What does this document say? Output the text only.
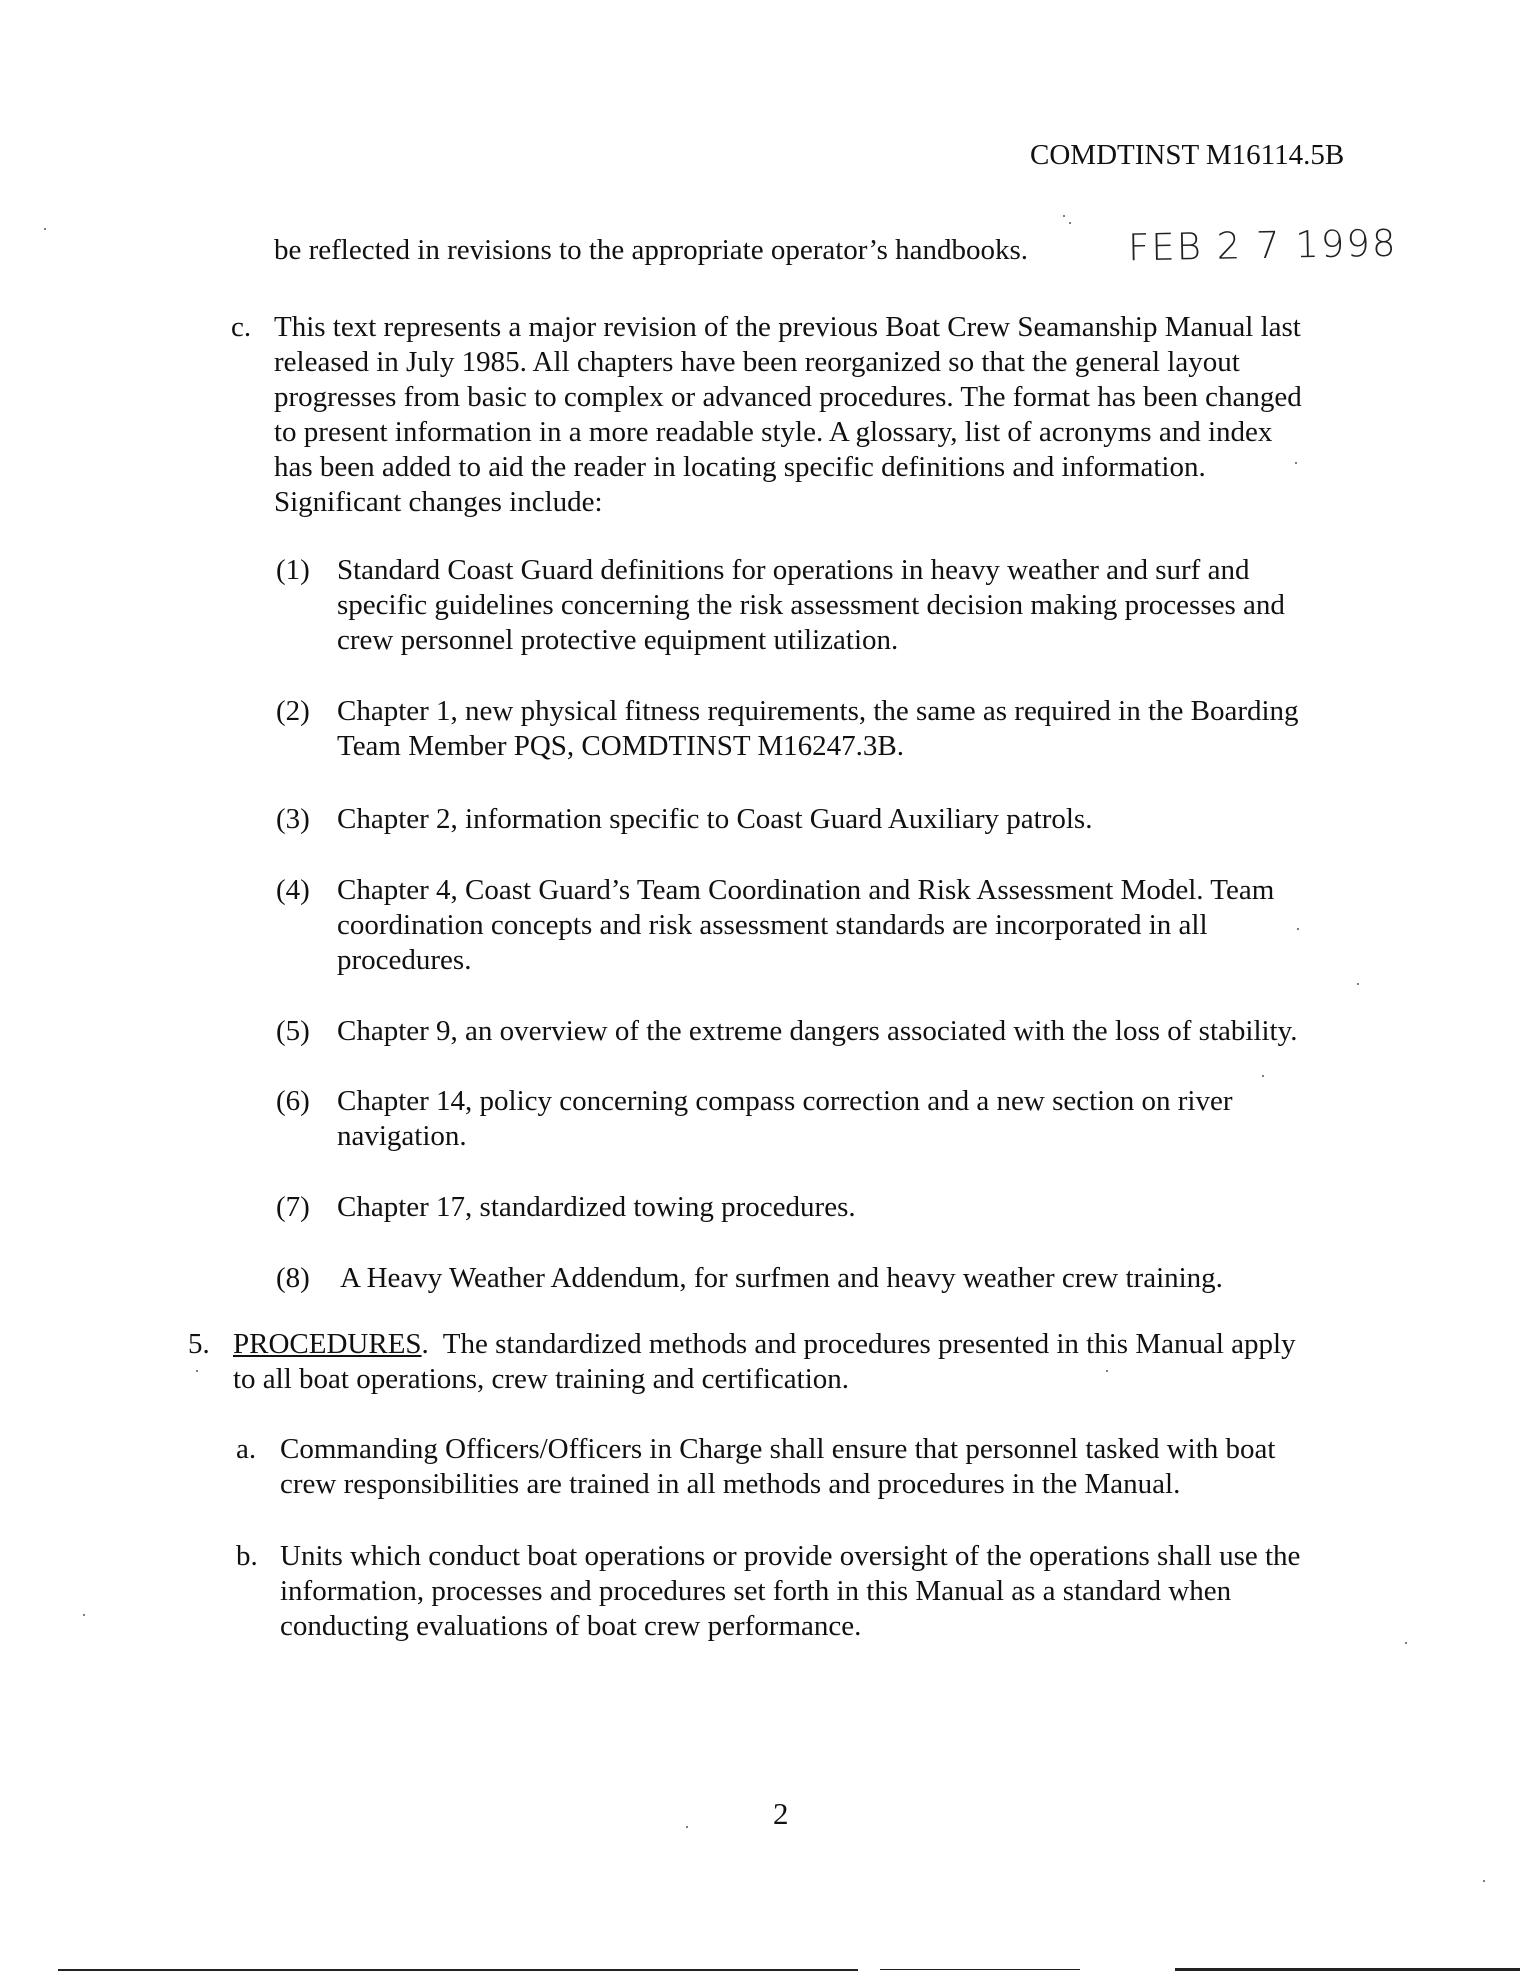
COMDTINST M16114.5B
be reflected in revisions to the appropriate operator’s handbooks.	FEB 2 7 1998
c. This text represents a major revision of the previous Boat Crew Seamanship Manual last

released in July 1985. All chapters have been reorganized so that the general layout

progresses from basic to complex or advanced procedures. The format has been changed

to present information in a more readable style. A glossary, list of acronyms and index

has been added to aid the reader in locating specific definitions and information.

Significant changes include:

(1) Standard Coast Guard definitions for operations in heavy weather and surf and

specific guidelines concerning the risk assessment decision making processes and

crew personnel protective equipment utilization.

(2) Chapter 1, new physical fitness requirements, the same as required in the Boarding

Team Member PQS, COMDTINST M16247.3B.

(3) Chapter 2, information specific to Coast Guard Auxiliary patrols.

(4) Chapter 4, Coast Guard’s Team Coordination and Risk Assessment Model. Team

coordination concepts and risk assessment standards are incorporated in all

procedures.

(5) Chapter 9, an overview of the extreme dangers associated with the loss of stability.

(6) Chapter 14, policy concerning compass correction and a new section on river

navigation.

(7) Chapter 17, standardized towing procedures.

(8) A Heavy Weather Addendum, for surfmen and heavy weather crew training.

5. PROCEDURES.  The standardized methods and procedures presented in this Manual apply

to all boat operations, crew training and certification.

a. Commanding Officers/Officers in Charge shall ensure that personnel tasked with boat

crew responsibilities are trained in all methods and procedures in the Manual.

b. Units which conduct boat operations or provide oversight of the operations shall use the

information, processes and procedures set forth in this Manual as a standard when

conducting evaluations of boat crew performance.

2
